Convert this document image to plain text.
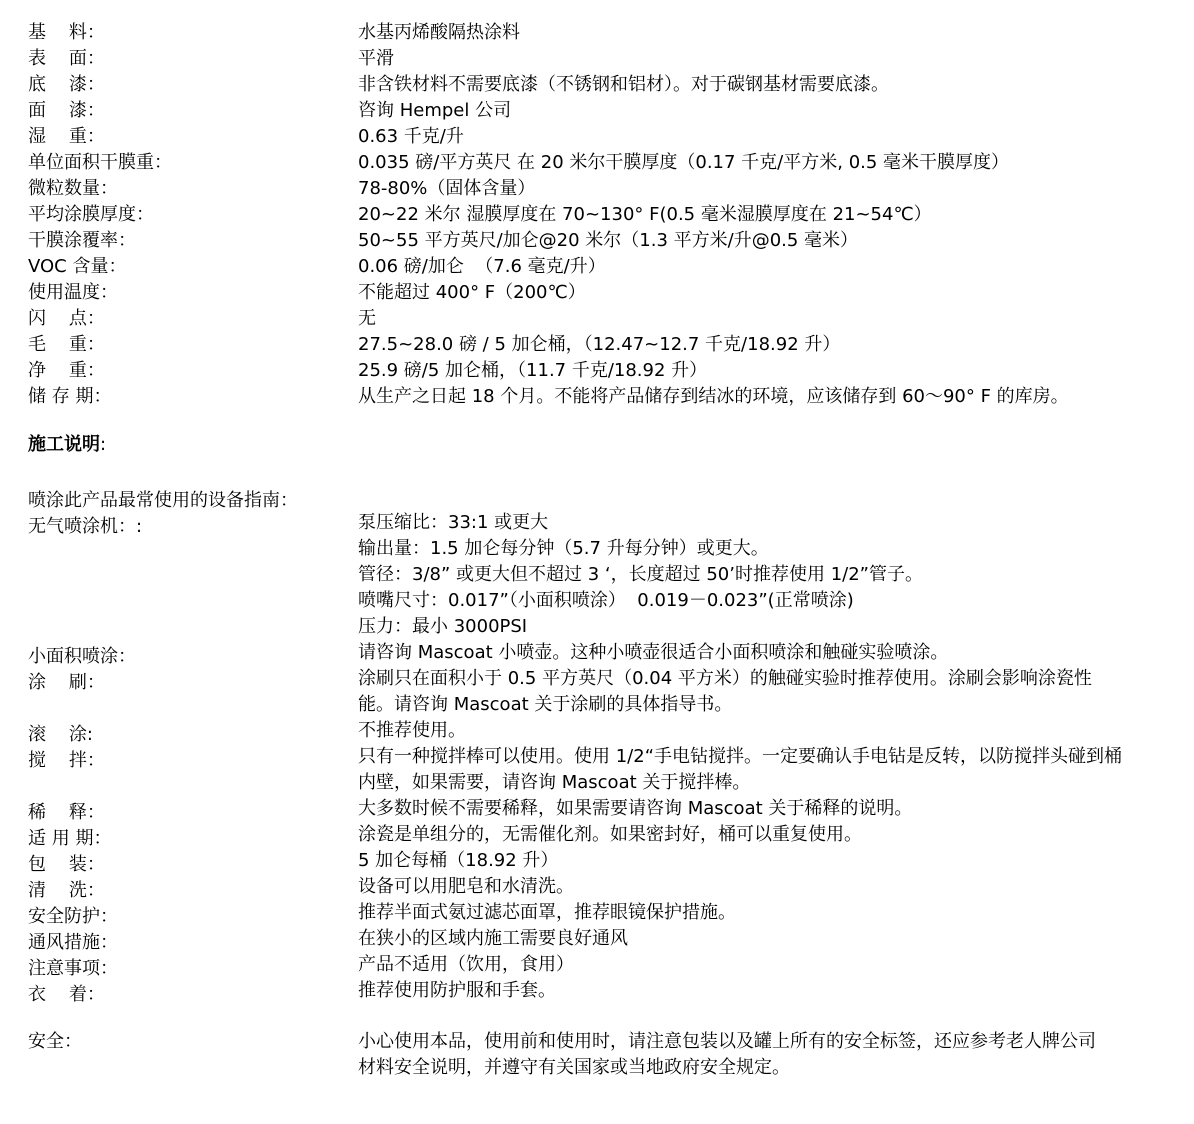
基    料：	水基丙烯酸隔热涂料
表    面：	平滑
底    漆：	非含铁材料不需要底漆（不锈钢和铝材）。对于碳钢基材需要底漆。
面    漆：	咨询 Hempel 公司
湿    重：	0.63 千克/升
单位面积干膜重：	0.035 磅/平方英尺 在 20 米尔干膜厚度（0.17 千克/平方米, 0.5 毫米干膜厚度）
微粒数量：	78-80%（固体含量）
平均涂膜厚度：	20~22 米尔 湿膜厚度在 70~130° F(0.5 毫米湿膜厚度在 21~54℃）
干膜涂覆率：	50~55 平方英尺/加仑@20 米尔（1.3 平方米/升@0.5 毫米）
VOC 含量：	0.06 磅/加仑  （7.6 毫克/升）
使用温度：	不能超过 400° F（200℃）
闪    点：	无
毛    重：	27.5~28.0 磅 / 5 加仑桶，（12.47~12.7 千克/18.92 升）
净    重：	25.9 磅/5 加仑桶，（11.7 千克/18.92 升）
储 存 期：	从生产之日起 18 个月。不能将产品储存到结冰的环境，应该储存到 60～90° F 的库房。
施工说明:
喷涂此产品最常使用的设备指南：
无气喷涂机：:	泵压缩比：33:1 或更大
输出量：1.5 加仑每分钟（5.7 升每分钟）或更大。
管径：3/8” 或更大但不超过 3 ‘，长度超过 50’时推荐使用 1/2”管子。
喷嘴尺寸：0.017”（小面积喷涂）  0.019－0.023”(正常喷涂)
压力：最小 3000PSI
小面积喷涂：	请咨询 Mascoat 小喷壶。这种小喷壶很适合小面积喷涂和触碰实验喷涂。
涂    刷：	涂刷只在面积小于 0.5 平方英尺（0.04 平方米）的触碰实验时推荐使用。涂刷会影响涂瓷性
能。请咨询 Mascoat 关于涂刷的具体指导书。
滚    涂:	不推荐使用。
搅    拌：	只有一种搅拌棒可以使用。使用 1/2“手电钻搅拌。一定要确认手电钻是反转，以防搅拌头碰到桶
内壁，如果需要，请咨询 Mascoat 关于搅拌棒。
稀    释：	大多数时候不需要稀释，如果需要请咨询 Mascoat 关于稀释的说明。
适 用 期：	涂瓷是单组分的，无需催化剂。如果密封好，桶可以重复使用。
包    装：	5 加仑每桶（18.92 升）
清    洗：	设备可以用肥皂和水清洗。
安全防护：	推荐半面式氨过滤芯面罩，推荐眼镜保护措施。
通风措施：	在狭小的区域内施工需要良好通风
注意事项：	产品不适用（饮用，食用）
衣    着：	推荐使用防护服和手套。
安全：	小心使用本品，使用前和使用时，请注意包装以及罐上所有的安全标签，还应参考老人牌公司
材料安全说明，并遵守有关国家或当地政府安全规定。
